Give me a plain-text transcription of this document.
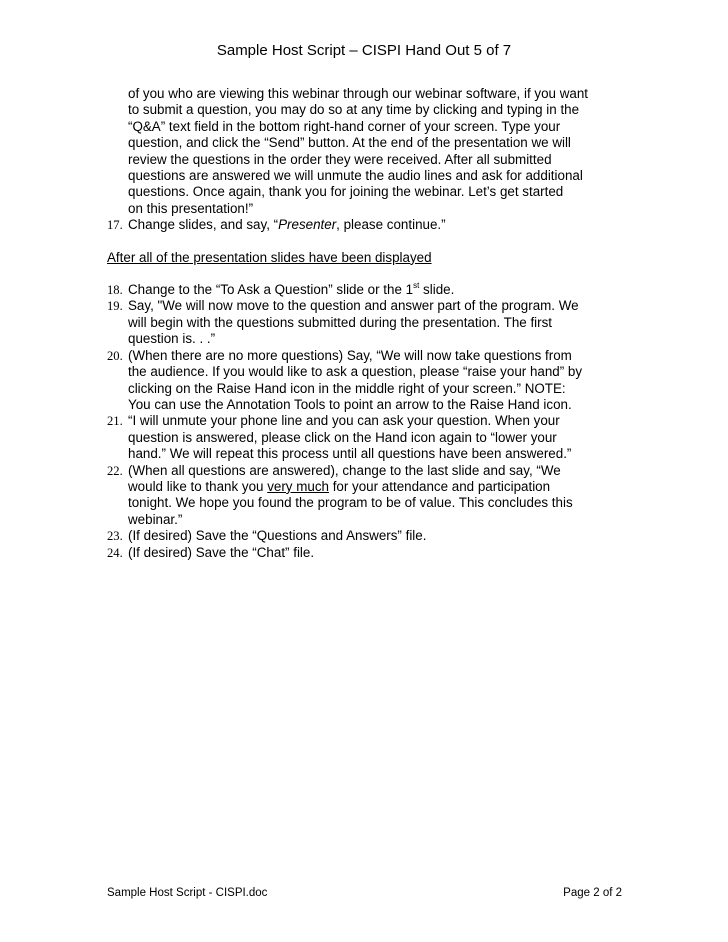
Sample Host Script – CISPI Hand Out 5 of 7
of you who are viewing this webinar through our webinar software, if you want
to submit a question, you may do so at any time by clicking and typing in the
“Q&A” text field in the bottom right-hand corner of your screen. Type your
question, and click the “Send” button. At the end of the presentation we will
review the questions in the order they were received. After all submitted
questions are answered we will unmute the audio lines and ask for additional
questions. Once again, thank you for joining the webinar. Let’s get started
on this presentation!”
17. Change slides, and say, “Presenter, please continue.”
After all of the presentation slides have been displayed
18. Change to the “To Ask a Question” slide or the 1st slide.
19. Say, "We will now move to the question and answer part of the program. We
will begin with the questions submitted during the presentation. The first
question is. . .”
20. (When there are no more questions) Say, “We will now take questions from
the audience. If you would like to ask a question, please “raise your hand” by
clicking on the Raise Hand icon in the middle right of your screen.” NOTE:
You can use the Annotation Tools to point an arrow to the Raise Hand icon.
21. “I will unmute your phone line and you can ask your question. When your
question is answered, please click on the Hand icon again to “lower your
hand.” We will repeat this process until all questions have been answered.”
22. (When all questions are answered), change to the last slide and say, “We
would like to thank you very much for your attendance and participation
tonight. We hope you found the program to be of value. This concludes this
webinar.”
23. (If desired) Save the “Questions and Answers” file.
24. (If desired) Save the “Chat” file.
Sample Host Script - CISPI.doc	Page 2 of 2
